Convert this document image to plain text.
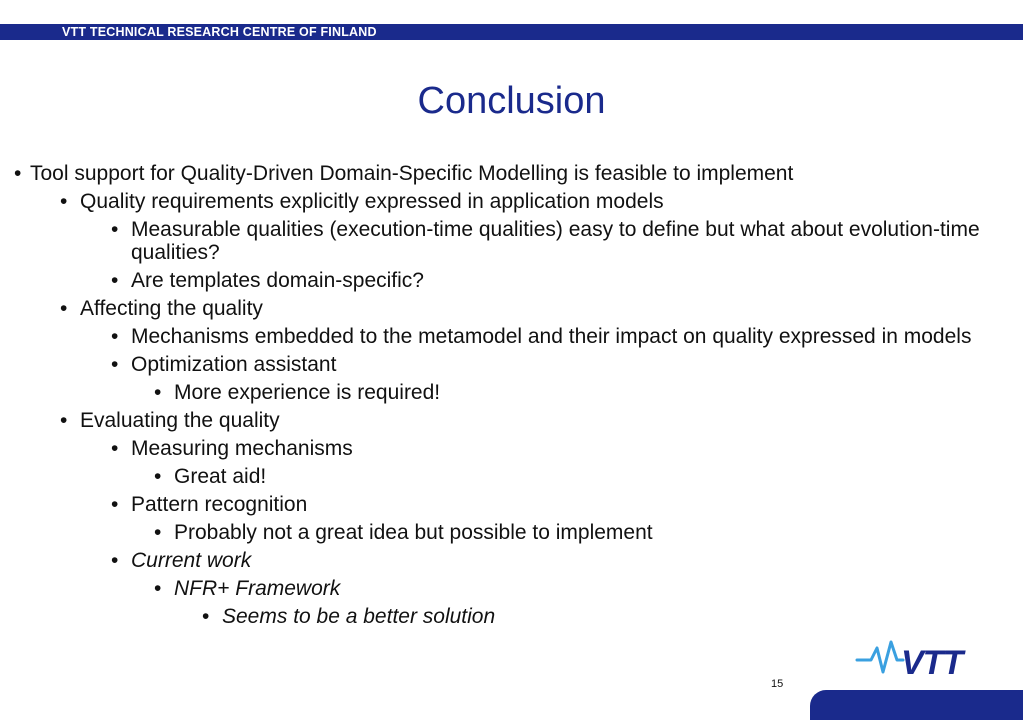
VTT TECHNICAL RESEARCH CENTRE OF FINLAND
Conclusion
• Tool support for Quality-Driven Domain-Specific Modelling is feasible to implement
• Quality requirements explicitly expressed in application models
• Measurable qualities (execution-time qualities) easy to define but what about evolution-time qualities?
• Are templates domain-specific?
• Affecting the quality
• Mechanisms embedded to the metamodel and their impact on quality expressed in models
• Optimization assistant
• More experience is required!
• Evaluating the quality
• Measuring mechanisms
• Great aid!
• Pattern recognition
• Probably not a great idea but possible to implement
• Current work
• NFR+ Framework
• Seems to be a better solution
VTT
15
